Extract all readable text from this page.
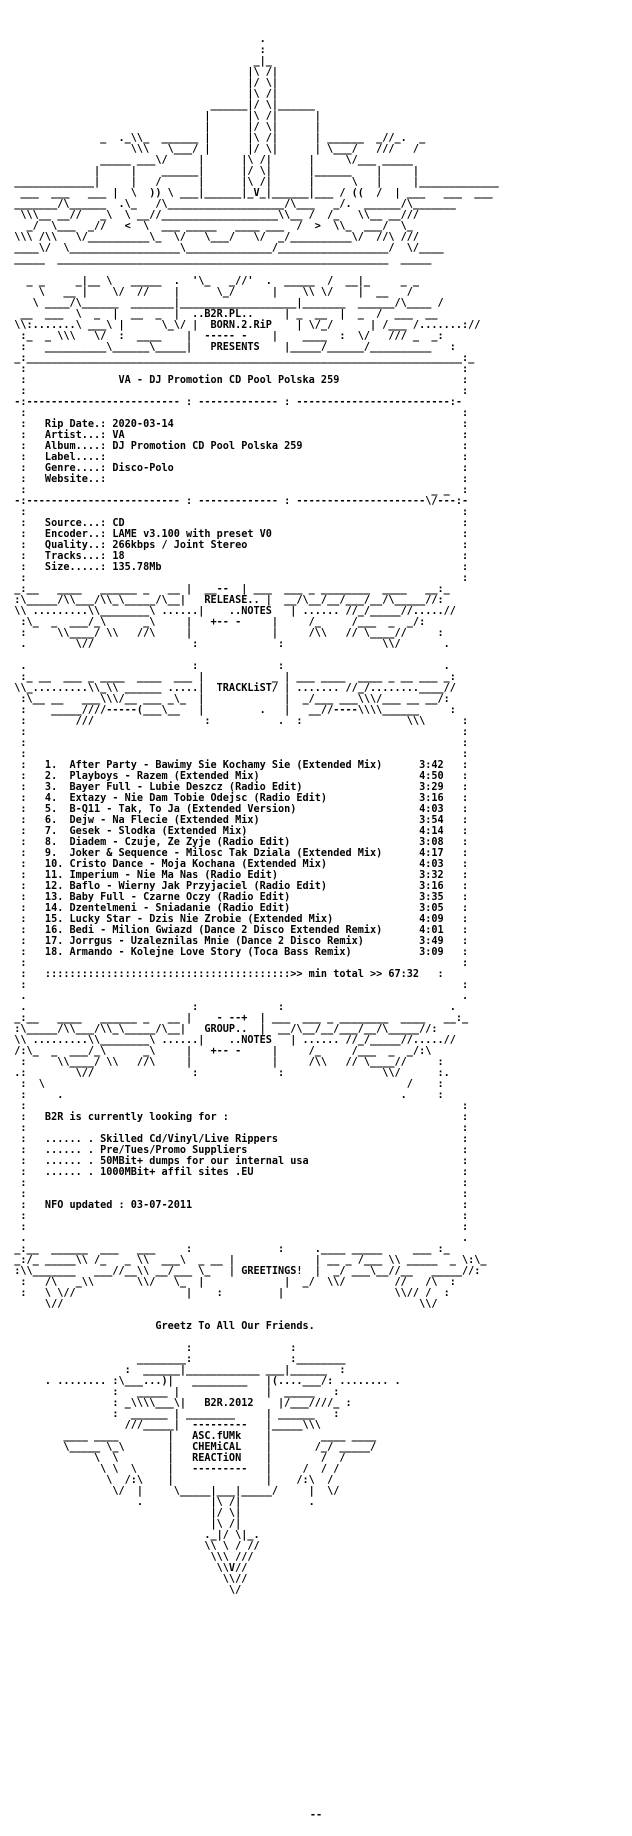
.
:
_|_
|\ /|
|/ \|
|\ /|
______|/ \|______
|      |\ /|      |
|      |/ \|      |
_  ._\\_  ______ |      |\ /|      | ______  _//_.  _
\\\   \___/ |      |/ \|      | \___/   ///   /
_____ ___\/     |      |\ /|      |     \/___ _____
|     |    ______|      |/ \|      |______    |     |
_____________|     |   /      |      |\ /|      |      \   |     |_____________
___  ___   ___ |  \  )) \ ___|______|_V_|______|___ / ((  /  | ___   ___  ___
_______/\______  .\_   /\___________________/\___   _/.  ______/\_______
\\\__ __//   _\  \ __//___________________\\__ /  /_   \\__ __///
_/  \___  _//   <  \  ___ _____   ____ ___  /  >  \\_  ___/  \_
\\\ /\\   \/__________\_  \/   \___/   \/  _/__________\/  //\ ///
____\/  \__________________\______________/__________________/  \/____
_____  ______________________________________________________  _____

_ _     _|__ \   _____  .  '\_   _//'  .  _____  /  __|_     _ _
\   __ |    \/  //    |      \_/      |    \\ \/    |  __   /
\ ____/\______  _______|___________________|_______  ______/\____ /
__  ___  \  _  |  __  _  |  ..B2R.PL..     | _  __  |  _  /  ___  __
\\:.......\ ___\ |      \_\/ |  BORN.2.RiP    | \/_/      | /___ /.......://
:_  _ \\\   \/  :  ____    |  ----- -    |    ____  :  \/   /// _  _:
:   __________\______\_____|   PRESENTS    |_____/______/__________   :
_:_______________________________________________________________________:_
:                                                                       :
:               VA - DJ Promotion CD Pool Polska 259                    :
:                                                                       :
-:------------------------- : ------------- : -------------------------:-
:                                                                       :
:   Rip Date.: 2020-03-14                                               :
:   Artist...: VA                                                       :
:   Album....: DJ Promotion CD Pool Polska 259                          :
:   Label....:                                                          :
:   Genre....: Disco-Polo                                               :
:   Website..:                                                          :
:                                                                  _ _  :
-:------------------------- : ------------- : ---------------------\/---:-
:                                                                       :
:   Source...: CD                                                       :
:   Encoder..: LAME v3.100 with preset V0                               :
:   Quality..: 266kbps / Joint Stereo                                   :
:   Tracks...: 18                                                       :
:   Size.....: 135.78Mb                                                 :
:                                                                       :
_:__   ____   ______ _   __ |  __--  | ___  ___ _ ________  ____   __:_
:\_____/\\___/\\_\_____/\__|   RELEASE.. |  __/\__/__/___/__/\_____//:
\\ .........\\________\ ......|    ..NOTES   | ...... //_/_____//.....//
:\_  _  ___/_\      _\     |   +-- -     |     /_     /___  _  _/:
:     \\____/ \\   //\     |             |     /\\   // \____//     :
.        \//                :             :                \\/       .

.                           :             :                          .
:_ __  ___ _ ____  ____  ___ |           _ | ___ ____  ____ _ __ ___ _:
\\_.........\\_\\ ______ .....|  TRACKLiST/ | ....... //_/........____//
:\__ __   ___\\\/__ ___ _\_  |             |  _/___ ___\\\/___ __ __/:
:    _____////-----(___\__   |         .   |   __//----\\\\______     :
:        ///                  :           .  :                 \\\      :
:                                                                       :
:                                                                       :
:                                                                       :
:   1.  After Party - Bawimy Sie Kochamy Sie (Extended Mix)      3:42   :
:   2.  Playboys - Razem (Extended Mix)                          4:50   :
:   3.  Bayer Full - Lubie Deszcz (Radio Edit)                   3:29   :
:   4.  Extazy - Nie Dam Tobie Odejsc (Radio Edit)               3:16   :
:   5.  B-Q11 - Tak, To Ja (Extended Version)                    4:03   :
:   6.  Dejw - Na Flecie (Extended Mix)                          3:54   :
:   7.  Gesek - Slodka (Extended Mix)                            4:14   :
:   8.  Diadem - Czuje, Ze Zyje (Radio Edit)                     3:08   :
:   9.  Joker & Sequence - Milosc Tak Dziala (Extended Mix)      4:17   :
:   10. Cristo Dance - Moja Kochana (Extended Mix)               4:03   :
:   11. Imperium - Nie Ma Nas (Radio Edit)                       3:32   :
:   12. Baflo - Wierny Jak Przyjaciel (Radio Edit)               3:16   :
:   13. Baby Full - Czarne Oczy (Radio Edit)                     3:35   :
:   14. Dzentelmeni - Sniadanie (Radio Edit)                     3:05   :
:   15. Lucky Star - Dzis Nie Zrobie (Extended Mix)              4:09   :
:   16. Bedi - Milion Gwiazd (Dance 2 Disco Extended Remix)      4:01   :
:   17. Jorrgus - Uzaleznilas Mnie (Dance 2 Disco Remix)         3:49   :
:   18. Armando - Kolejne Love Story (Toca Bass Remix)           3:09   :
:                                                                       :
:   ::::::::::::::::::::::::::::::::::::::::>> min total >> 67:32   :
:                                                                       :
.                                                                       .
.                           :             :                           .
_:__   ____   ______ _   __ |    - --+  | ___  ___ _ ________  ____   __:_
:\_____/\\___/\\_\_____/\__|   GROUP..  |  __/\__/__/___/__/\_____//:
\\ .........\\________\ ......|    ..NOTES   | ...... //_/_____//.....//
/:\_  _  ___/_\      _\     |   +-- -     |     /_     /___  _  _/:\
:     \\____/ \\   //\     |             |     /\\   // \____//     :
.:        \//                :             :                \\/      :.
:  \                                                           /    :
:     .                                                       .     :
:                                                                       :
:   B2R is currently looking for :                                      :
:                                                                       :
:   ...... . Skilled Cd/Vinyl/Live Rippers                              :
:   ...... . Pre/Tues/Promo Suppliers                                   :
:   ...... . 50MBit+ dumps for our internal usa                         :
:   ...... . 1000MBit+ affil sites .EU                                  :
:                                                                       :
:                                                                       :
:   NFO updated : 03-07-2011                                            :
:                                                                       :
:                                                                       :
.                                                                       .
_:__  ______  ___   ___     :              :     .____ _____     ___ :_
_:/_ _____\\ /_   _ \\  ___\  _ __ |             | __ _ /___ \\ _____  _ \:\_
:\\_______   ___//__\\ __/___ \_   | GREETINGS!  |  _/ ___\__//__   _____//:
:   /\   _\\       \\/   \_  |             |  _/  \\/        //   /\  :
:   \ \//                  |    :         |                  \\// /  :
\//                                                          \\/

Greetz To All Our Friends.

:                :
________:                :________
:  ______|____________ ___|______  :
. ........ :\___...)|   _________   |(....___/: ........ .
:   _____ |              |  _____   :
: _\\\\___\|   B2R.2012    |/___////_ :
:  ______ | ________     | ______   :
///_____|  ---------   |_____\\\
____ ____        |   ASC.fUMk    |        ____ ____
\_____ \_\       |   CHEMiCAL    |       /_/ _____/
\  \        |   REACTiON    |        /  /
\ \  \     |   ---------   |     /  / /
\  /:\    |               |    /:\  /
\/  |     \_____|___|_____/     |  \/
.           |\ /|           .
|/ \|
|\ /|
._|/ \|_.
\\ \ / //
\\\ ///
\\V//
\\//
\/
--
